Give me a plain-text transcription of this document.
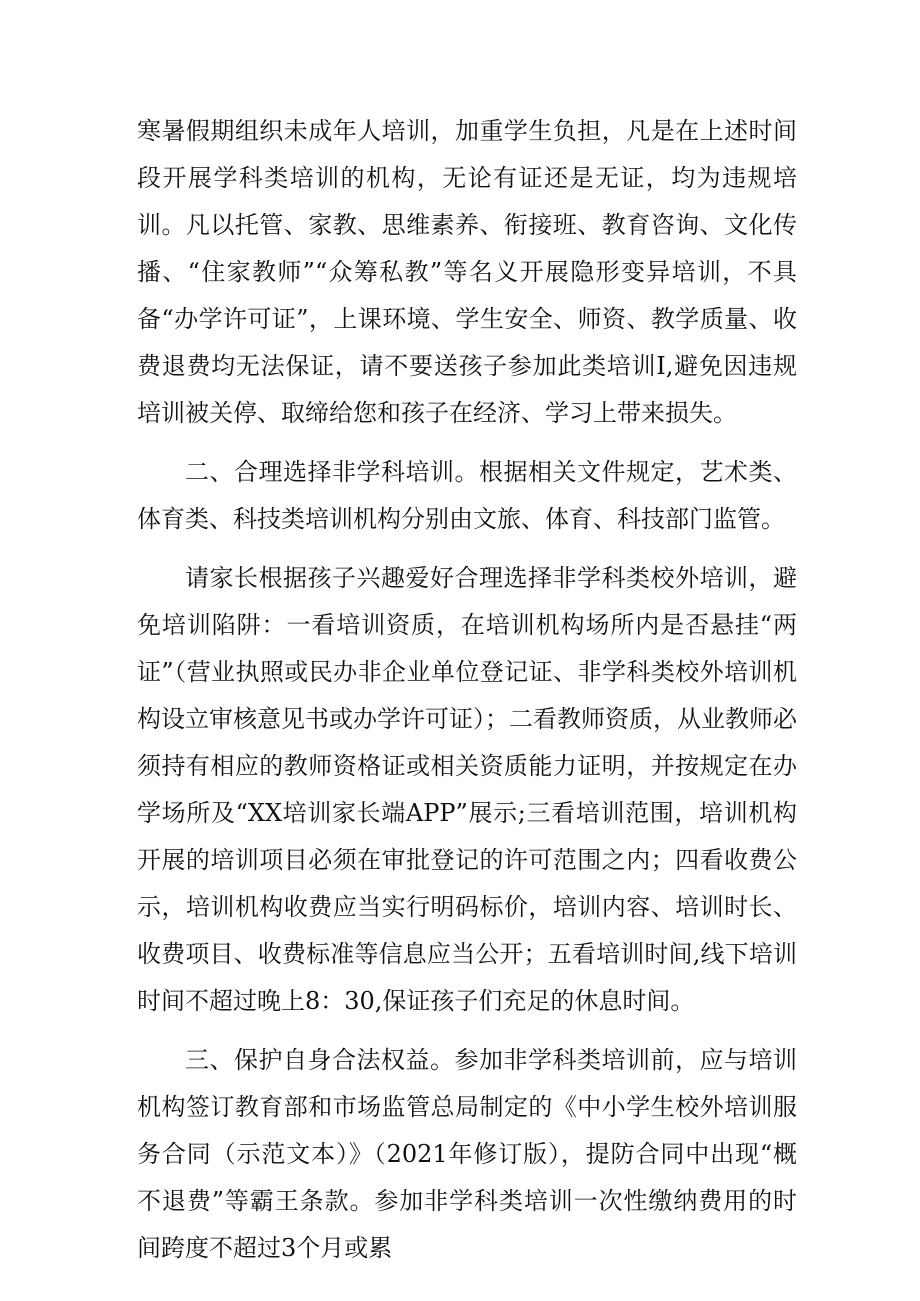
寒暑假期组织未成年人培训，加重学生负担，凡是在上述时间段开展学科类培训的机构，无论有证还是无证，均为违规培训。凡以托管、家教、思维素养、衔接班、教育咨询、文化传播、“住家教师”“众筹私教”等名义开展隐形变异培训，不具备“办学许可证”，上课环境、学生安全、师资、教学质量、收费退费均无法保证，请不要送孩子参加此类培训I,避免因违规培训被关停、取缔给您和孩子在经济、学习上带来损失。

二、合理选择非学科培训。根据相关文件规定，艺术类、体育类、科技类培训机构分别由文旅、体育、科技部门监管。

请家长根据孩子兴趣爱好合理选择非学科类校外培训，避免培训陷阱：一看培训资质，在培训机构场所内是否悬挂“两证”（营业执照或民办非企业单位登记证、非学科类校外培训机构设立审核意见书或办学许可证）；二看教师资质，从业教师必须持有相应的教师资格证或相关资质能力证明，并按规定在办学场所及“XX培训家长端APP”展示;三看培训范围，培训机构开展的培训项目必须在审批登记的许可范围之内；四看收费公示，培训机构收费应当实行明码标价，培训内容、培训时长、收费项目、收费标准等信息应当公开；五看培训时间,线下培训时间不超过晚上8：30,保证孩子们充足的休息时间。

三、保护自身合法权益。参加非学科类培训前，应与培训机构签订教育部和市场监管总局制定的《中小学生校外培训服务合同（示范文本）》（2021年修订版），提防合同中出现“概不退费”等霸王条款。参加非学科类培训一次性缴纳费用的时间跨度不超过3个月或累
